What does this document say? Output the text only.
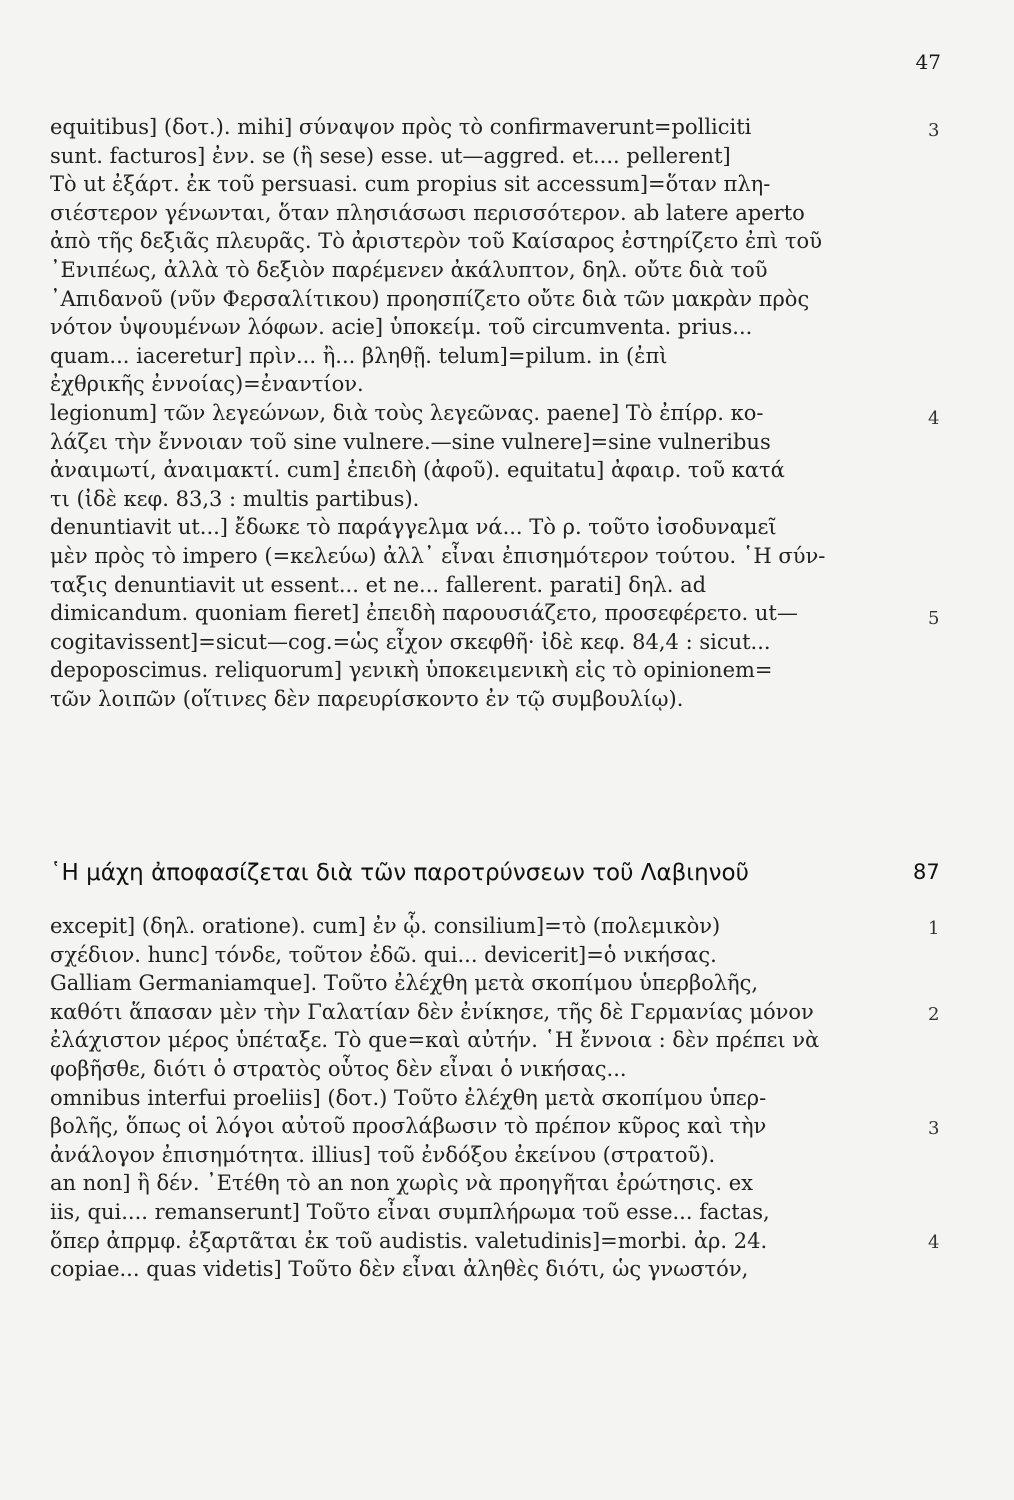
47
equitibus] (δοτ.). mihi] σύναψον πρὸς τὸ confirmaverunt=polliciti
sunt. facturos] ἐνν. se (ἢ sese) esse. ut—aggred. et.... pellerent]
Τὸ ut ἐξάρτ. ἐκ τοῦ persuasi. cum propius sit accessum]=ὅταν πλη-
σιέστερον γένωνται, ὅταν πλησιάσωσι περισσότερον. ab latere aperto
ἀπὸ τῆς δεξιᾶς πλευρᾶς. Τὸ ἀριστερὸν τοῦ Καίσαρος ἐστηρίζετο ἐπὶ τοῦ
᾿Ενιπέως, ἀλλὰ τὸ δεξιὸν παρέμενεν ἀκάλυπτον, δηλ. οὔτε διὰ τοῦ
᾿Απιδανοῦ (νῦν Φερσαλίτικου) προησπίζετο οὔτε διὰ τῶν μακρὰν πρὸς
νότον ὑψουμένων λόφων. acie] ὑποκείμ. τοῦ circumventa. prius...
quam... iaceretur] πρὶν... ἢ... βληθῇ. telum]=pilum. in (ἐπὶ
ἐχθρικῆς ἐννοίας)=ἐναντίον.
legionum] τῶν λεγεώνων, διὰ τοὺς λεγεῶνας. paene] Τὸ ἐπίρρ. κο-
λάζει τὴν ἔννοιαν τοῦ sine vulnere.—sine vulnere]=sine vulneribus
ἀναιμωτί, ἀναιμακτί. cum] ἐπειδὴ (ἀφοῦ). equitatu] ἀφαιρ. τοῦ κατά
τι (ἰδὲ κεφ. 83,3 : multis partibus).
denuntiavit ut...] ἔδωκε τὸ παράγγελμα νά... Τὸ ρ. τοῦτο ἰσοδυναμεῖ
μὲν πρὸς τὸ impero (=κελεύω) ἀλλ᾿ εἶναι ἐπισημότερον τούτου. ῾Η σύν-
ταξις denuntiavit ut essent... et ne... fallerent. parati] δηλ. ad
dimicandum. quoniam fieret] ἐπειδὴ παρουσιάζετο, προσεφέρετο. ut—
cogitavissent]=sicut—cog.=ὡς εἶχον σκεφθῆ· ἰδὲ κεφ. 84,4 : sicut...
depoposcimus. reliquorum] γενικὴ ὑποκειμενικὴ εἰς τὸ opinionem=
τῶν λοιπῶν (οἵτινες δὲν παρευρίσκοντο ἐν τῷ συμβουλίῳ).
3
4
5
῾Η μάχη ἀποφασίζεται διὰ τῶν παροτρύνσεων τοῦ Λαβιηνοῦ	87
excepit] (δηλ. oratione). cum] ἐν ᾧ. consilium]=τὸ (πολεμικὸν)
σχέδιον. hunc] τόνδε, τοῦτον ἐδῶ. qui... devicerit]=ὁ νικήσας.
Galliam Germaniamque]. Τοῦτο ἐλέχθη μετὰ σκοπίμου ὑπερβολῆς,
καθότι ἅπασαν μὲν τὴν Γαλατίαν δὲν ἐνίκησε, τῆς δὲ Γερμανίας μόνον
ἐλάχιστον μέρος ὑπέταξε. Τὸ que=καὶ αὐτήν. ῾Η ἔννοια : δὲν πρέπει νὰ
φοβῆσθε, διότι ὁ στρατὸς οὗτος δὲν εἶναι ὁ νικήσας...
omnibus interfui proeliis] (δοτ.) Τοῦτο ἐλέχθη μετὰ σκοπίμου ὑπερ-
βολῆς, ὅπως οἱ λόγοι αὐτοῦ προσλάβωσιν τὸ πρέπον κῦρος καὶ τὴν
ἀνάλογον ἐπισημότητα. illius] τοῦ ἐνδόξου ἐκείνου (στρατοῦ).
an non] ἢ δέν. ᾿Ετέθη τὸ an non χωρὶς νὰ προηγῆται ἐρώτησις. ex
iis, qui.... remanserunt] Τοῦτο εἶναι συμπλήρωμα τοῦ esse... factas,
ὅπερ ἀπρμφ. ἐξαρτᾶται ἐκ τοῦ audistis. valetudinis]=morbi. ἀρ. 24.
copiae... quas videtis] Τοῦτο δὲν εἶναι ἀληθὲς διότι, ὡς γνωστόν,
1
2
3
4
